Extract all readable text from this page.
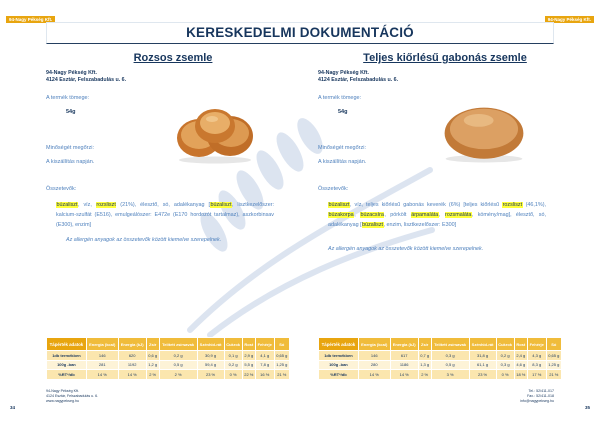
94-Nagy Pékség Kft.	94-Nagy Pékség Kft.
KERESKEDELMI DOKUMENTÁCIÓ
Rozsos zsemle
94-Nagy Pékség Kft.
4124 Esztár, Felszabadulás u. 6.
A termék tömege:
54g
Minőségét megőrzi:
A kiszállítás napján.
Összetevők:
búzaliszt, víz, rozsliszt (21%), élesztő, só, adalékanyag [búzaliszt, lisztkezelőszer: kalcium-szulfát (E516), emulgeálószer: E472e (E170 hordozót tartalmaz), aszkorbinsav (E300), enzim]
Az allergén anyagok az összetevők között kiemelve szerepelnek.
Tápérték adatok	Energia (kcal)	Energia (kJ)	Zsír	Telített zsírsavak	Szénhid-rát	Cukrok	Rost	Fehérje	Só
1db termékben	146	620	0,6 g	0,2 g	30,9 g	0,1 g	2,9 g	4,1 g	0,65 g
100g -ban	281	1192	1,2 g	0,5 g	59,4 g	0,2 g	5,5 g	7,8 g	1,25 g
%RT*/db	14 %	14 %	2 %	2 %	23 %	0 %	22 %	16 %	21 %
Teljes kiőrlésű gabonás zsemle
94-Nagy Pékség Kft.
4124 Esztár, Felszabadulás u. 6.
A termék tömege:
54g
Minőségét megőrzi:
A kiszállítás napján.
Összetevők:
búzaliszt, víz, teljes kiőrlésű gabonás keverék (6%) [teljes kiőrlésű rozsliszt (46,1%), búzakorpa, búzacsíra, pörkölt árpamaláta, rozsmaláta, kömény/mag], élesztő, só, adalékanyag [búzaliszt, enzim, lisztkezelőszer: E300]
Az allergén anyagok az összetevők között kiemelve szerepelnek.
Tápérték adatok	Energia (kcal)	Energia (kJ)	Zsír	Telített zsírsavak	Szénhid-rát	Cukrok	Rost	Fehérje	Só
1db termékben	146	617	0,7 g	0,3 g	31,8 g	0,2 g	2,4 g	4,3 g	0,65 g
100g -ban	280	1186	1,3 g	0,5 g	61,1 g	0,3 g	4,6 g	8,3 g	1,25 g
%RT*/db	14 %	14 %	2 %	3 %	23 %	0 %	18 %	17 %	21 %
94-Nagy Pékség Kft.
4124 Esztár, Felszabadulás u. 6.
www.nagypekseg.hu
Tel.: 52/411-017
Fax.: 52/411-018
info@nagypekseg.hu
34	35
